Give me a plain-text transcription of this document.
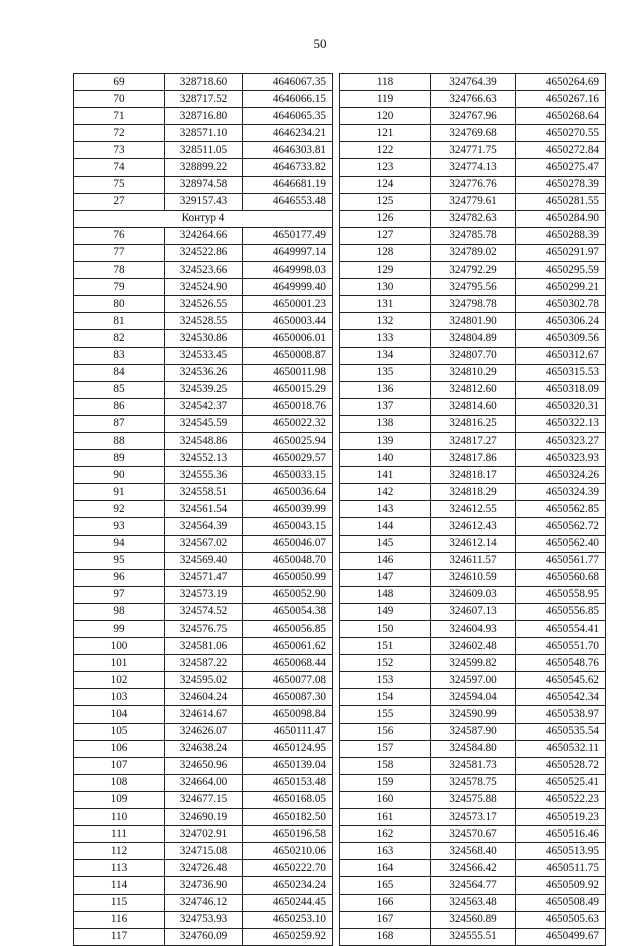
50
69	328718.60	4646067.35
70	328717.52	4646066.15
71	328716.80	4646065.35
72	328571.10	4646234.21
73	328511.05	4646303.81
74	328899.22	4646733.82
75	328974.58	4646681.19
27	329157.43	4646553.48
Контур 4		
76	324264.66	4650177.49
77	324522.86	4649997.14
78	324523.66	4649998.03
79	324524.90	4649999.40
80	324526.55	4650001.23
81	324528.55	4650003.44
82	324530.86	4650006.01
83	324533.45	4650008.87
84	324536.26	4650011.98
85	324539.25	4650015.29
86	324542.37	4650018.76
87	324545.59	4650022.32
88	324548.86	4650025.94
89	324552.13	4650029.57
90	324555.36	4650033.15
91	324558.51	4650036.64
92	324561.54	4650039.99
93	324564.39	4650043.15
94	324567.02	4650046.07
95	324569.40	4650048.70
96	324571.47	4650050.99
97	324573.19	4650052.90
98	324574.52	4650054.38
99	324576.75	4650056.85
100	324581.06	4650061.62
101	324587.22	4650068.44
102	324595.02	4650077.08
103	324604.24	4650087.30
104	324614.67	4650098.84
105	324626.07	4650111.47
106	324638.24	4650124.95
107	324650.96	4650139.04
108	324664.00	4650153.48
109	324677.15	4650168.05
110	324690.19	4650182.50
111	324702.91	4650196.58
112	324715.08	4650210.06
113	324726.48	4650222.70
114	324736.90	4650234.24
115	324746.12	4650244.45
116	324753.93	4650253.10
117	324760.09	4650259.92
118	324764.39	4650264.69
119	324766.63	4650267.16
120	324767.96	4650268.64
121	324769.68	4650270.55
122	324771.75	4650272.84
123	324774.13	4650275.47
124	324776.76	4650278.39
125	324779.61	4650281.55
126	324782.63	4650284.90
127	324785.78	4650288.39
128	324789.02	4650291.97
129	324792.29	4650295.59
130	324795.56	4650299.21
131	324798.78	4650302.78
132	324801.90	4650306.24
133	324804.89	4650309.56
134	324807.70	4650312.67
135	324810.29	4650315.53
136	324812.60	4650318.09
137	324814.60	4650320.31
138	324816.25	4650322.13
139	324817.27	4650323.27
140	324817.86	4650323.93
141	324818.17	4650324.26
142	324818.29	4650324.39
143	324612.55	4650562.85
144	324612.43	4650562.72
145	324612.14	4650562.40
146	324611.57	4650561.77
147	324610.59	4650560.68
148	324609.03	4650558.95
149	324607.13	4650556.85
150	324604.93	4650554.41
151	324602.48	4650551.70
152	324599.82	4650548.76
153	324597.00	4650545.62
154	324594.04	4650542.34
155	324590.99	4650538.97
156	324587.90	4650535.54
157	324584.80	4650532.11
158	324581.73	4650528.72
159	324578.75	4650525.41
160	324575.88	4650522.23
161	324573.17	4650519.23
162	324570.67	4650516.46
163	324568.40	4650513.95
164	324566.42	4650511.75
165	324564.77	4650509.92
166	324563.48	4650508.49
167	324560.89	4650505.63
168	324555.51	4650499.67
